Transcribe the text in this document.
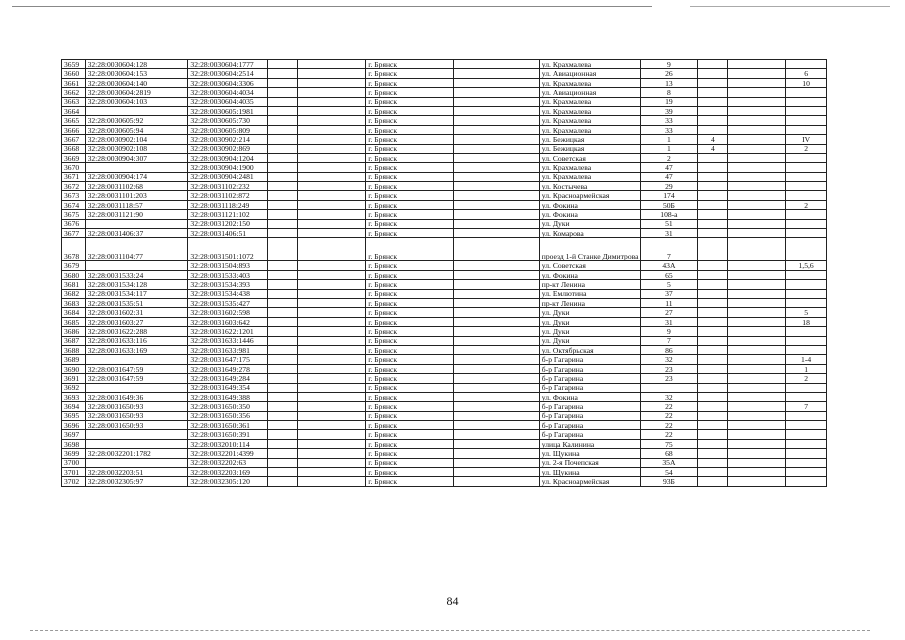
3659	32:28:0030604:128	32:28:0030604:1777			г. Брянск		ул. Крахмалева	9			
3660	32:28:0030604:153	32:28:0030604:2514			г. Брянск		ул. Авиационная	26			6
3661	32:28:0030604:140	32:28:0030604:3306			г. Брянск		ул. Крахмалева	13			10
3662	32:28:0030604:2819	32:28:0030604:4034			г. Брянск		ул. Авиационная	8			
3663	32:28:0030604:103	32:28:0030604:4035			г. Брянск		ул. Крахмалева	19			
3664		32:28:0030605:1981			г. Брянск		ул. Крахмалева	39			
3665	32:28:0030605:92	32:28:0030605:730			г. Брянск		ул. Крахмалева	33			
3666	32:28:0030605:94	32:28:0030605:809			г. Брянск		ул. Крахмалева	33			
3667	32:28:0030902:104	32:28:0030902:214			г. Брянск		ул. Бежицкая	1	4		IV
3668	32:28:0030902:108	32:28:0030902:869			г. Брянск		ул. Бежицкая	1	4		2
3669	32:28:0030904:307	32:28:0030904:1204			г. Брянск		ул. Советская	2			
3670		32:28:0030904:1900			г. Брянск		ул. Крахмалева	47			
3671	32:28:0030904:174	32:28:0030904:2481			г. Брянск		ул. Крахмалева	47			
3672	32:28:0031102:68	32:28:0031102:232			г. Брянск		ул. Костычева	29			
3673	32:28:0031101:203	32:28:0031102:872			г. Брянск		ул. Красноармейская	174			
3674	32:28:0031118:57	32:28:0031118:249			г. Брянск		ул. Фокина	50Б			2
3675	32:28:0031121:90	32:28:0031121:102			г. Брянск		ул. Фокина	108-а			
3676		32:28:0031202:150			г. Брянск		ул. Дуки	51			
3677	32:28:0031406:37	32:28:0031406:51			г. Брянск		ул. Комарова	31			
3678	32:28:0031104:77	32:28:0031501:1072			г. Брянск		проезд 1-й Станке Димитрова	7			
3679		32:28:0031504:893			г. Брянск		ул. Советская	43А			1,5,6
3680	32:28:0031533:24	32:28:0031533:403			г. Брянск		ул. Фокина	65			
3681	32:28:0031534:128	32:28:0031534:393			г. Брянск		пр-кт Ленина	5			
3682	32:28:0031534:117	32:28:0031534:438			г. Брянск		ул. Емлютина	37			
3683	32:28:0031535:51	32:28:0031535:427			г. Брянск		пр-кт Ленина	11			
3684	32:28:0031602:31	32:28:0031602:598			г. Брянск		ул. Дуки	27			5
3685	32:28:0031603:27	32:28:0031603:642			г. Брянск		ул. Дуки	31			18
3686	32:28:0031622:288	32:28:0031622:1201			г. Брянск		ул. Дуки	9			
3687	32:28:0031633:116	32:28:0031633:1446			г. Брянск		ул. Дуки	7			
3688	32:28:0031633:169	32:28:0031633:981			г. Брянск		ул. Октябрьская	86			
3689		32:28:0031647:175			г. Брянск		б-р Гагарина	32			1-4
3690	32:28:0031647:59	32:28:0031649:278			г. Брянск		б-р Гагарина	23			1
3691	32:28:0031647:59	32:28:0031649:284			г. Брянск		б-р Гагарина	23			2
3692		32:28:0031649:354			г. Брянск		б-р Гагарина				
3693	32:28:0031649:36	32:28:0031649:388			г. Брянск		ул. Фокина	32			
3694	32:28:0031650:93	32:28:0031650:350			г. Брянск		б-р Гагарина	22			7
3695	32:28:0031650:93	32:28:0031650:356			г. Брянск		б-р Гагарина	22			
3696	32:28:0031650:93	32:28:0031650:361			г. Брянск		б-р Гагарина	22			
3697		32:28:0031650:391			г. Брянск		б-р Гагарина	22			
3698		32:28:0032010:114			г. Брянск		улица Калинина	75			
3699	32:28:0032201:1782	32:28:0032201:4399			г. Брянск		ул. Щукина	68			
3700		32:28:0032202:63			г. Брянск		ул. 2-я Почепская	35А			
3701	32:28:0032203:51	32:28:0032203:169			г. Брянск		ул. Щукина	54			
3702	32:28:0032305:97	32:28:0032305:120			г. Брянск		ул. Красноармейская	93Б			
84
